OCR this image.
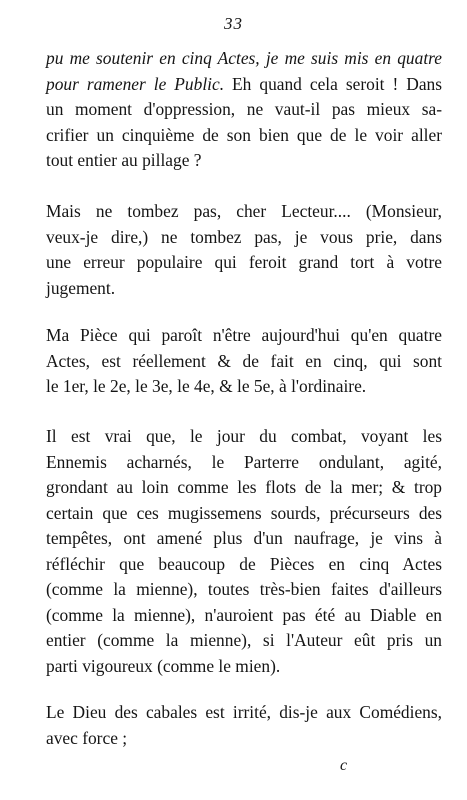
33
pu me soutenir en cinq Actes, je me suis mis en quatre
pour ramener le Public. Eh quand cela seroit ! Dans
un moment d'oppression, ne vaut-il pas mieux sa-
crifier un cinquième de son bien que de le voir aller
tout entier au pillage ?
Mais ne tombez pas, cher Lecteur.... (Monsieur,
veux-je dire,) ne tombez pas, je vous prie, dans
une erreur populaire qui feroit grand tort à votre
jugement.
Ma Pièce qui paroît n'être aujourd'hui qu'en quatre
Actes, est réellement & de fait en cinq, qui sont
le 1er, le 2e, le 3e, le 4e, & le 5e, à l'ordinaire.
Il est vrai que, le jour du combat, voyant les
Ennemis acharnés, le Parterre ondulant, agité,
grondant au loin comme les flots de la mer; & trop
certain que ces mugissemens sourds, précurseurs des
tempêtes, ont amené plus d'un naufrage, je vins à
réfléchir que beaucoup de Pièces en cinq Actes
(comme la mienne), toutes très-bien faites d'ailleurs
(comme la mienne), n'auroient pas été au Diable en
entier (comme la mienne), si l'Auteur eût pris un
parti vigoureux (comme le mien).
Le Dieu des cabales est irrité, dis-je aux Comédiens,
avec force ;
c
